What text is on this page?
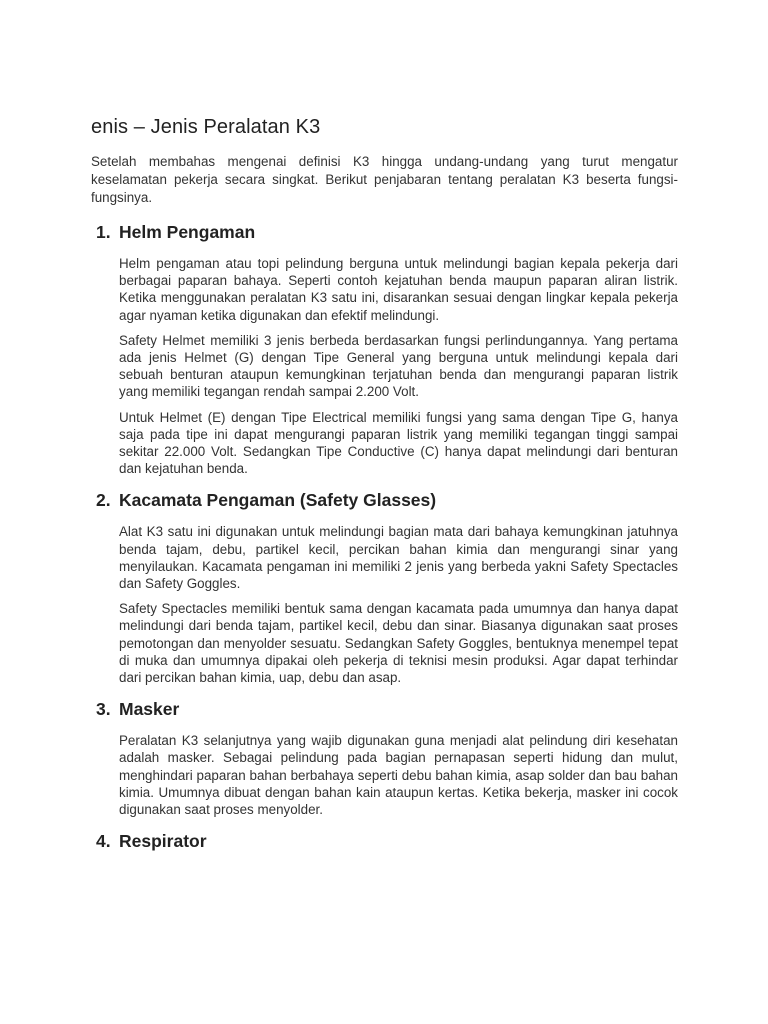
enis – Jenis Peralatan K3

Setelah membahas mengenai definisi K3 hingga undang-undang yang turut mengatur keselamatan pekerja secara singkat. Berikut penjabaran tentang peralatan K3 beserta fungsi-fungsinya.

1. Helm Pengaman

Helm pengaman atau topi pelindung berguna untuk melindungi bagian kepala pekerja dari berbagai paparan bahaya. Seperti contoh kejatuhan benda maupun paparan aliran listrik. Ketika menggunakan peralatan K3 satu ini, disarankan sesuai dengan lingkar kepala pekerja agar nyaman ketika digunakan dan efektif melindungi.

Safety Helmet memiliki 3 jenis berbeda berdasarkan fungsi perlindungannya. Yang pertama ada jenis Helmet (G) dengan Tipe General yang berguna untuk melindungi kepala dari sebuah benturan ataupun kemungkinan terjatuhan benda dan mengurangi paparan listrik yang memiliki tegangan rendah sampai 2.200 Volt.

Untuk Helmet (E) dengan Tipe Electrical memiliki fungsi yang sama dengan Tipe G, hanya saja pada tipe ini dapat mengurangi paparan listrik yang memiliki tegangan tinggi sampai sekitar 22.000 Volt. Sedangkan Tipe Conductive (C) hanya dapat melindungi dari benturan dan kejatuhan benda.

2. Kacamata Pengaman (Safety Glasses)

Alat K3 satu ini digunakan untuk melindungi bagian mata dari bahaya kemungkinan jatuhnya benda tajam, debu, partikel kecil, percikan bahan kimia dan mengurangi sinar yang menyilaukan. Kacamata pengaman ini memiliki 2 jenis yang berbeda yakni Safety Spectacles dan Safety Goggles.

Safety Spectacles memiliki bentuk sama dengan kacamata pada umumnya dan hanya dapat melindungi dari benda tajam, partikel kecil, debu dan sinar. Biasanya digunakan saat proses pemotongan dan menyolder sesuatu. Sedangkan Safety Goggles, bentuknya menempel tepat di muka dan umumnya dipakai oleh pekerja di teknisi mesin produksi. Agar dapat terhindar dari percikan bahan kimia, uap, debu dan asap.

3. Masker

Peralatan K3 selanjutnya yang wajib digunakan guna menjadi alat pelindung diri kesehatan adalah masker. Sebagai pelindung pada bagian pernapasan seperti hidung dan mulut, menghindari paparan bahan berbahaya seperti debu bahan kimia, asap solder dan bau bahan kimia. Umumnya dibuat dengan bahan kain ataupun kertas. Ketika bekerja, masker ini cocok digunakan saat proses menyolder.

4. Respirator
